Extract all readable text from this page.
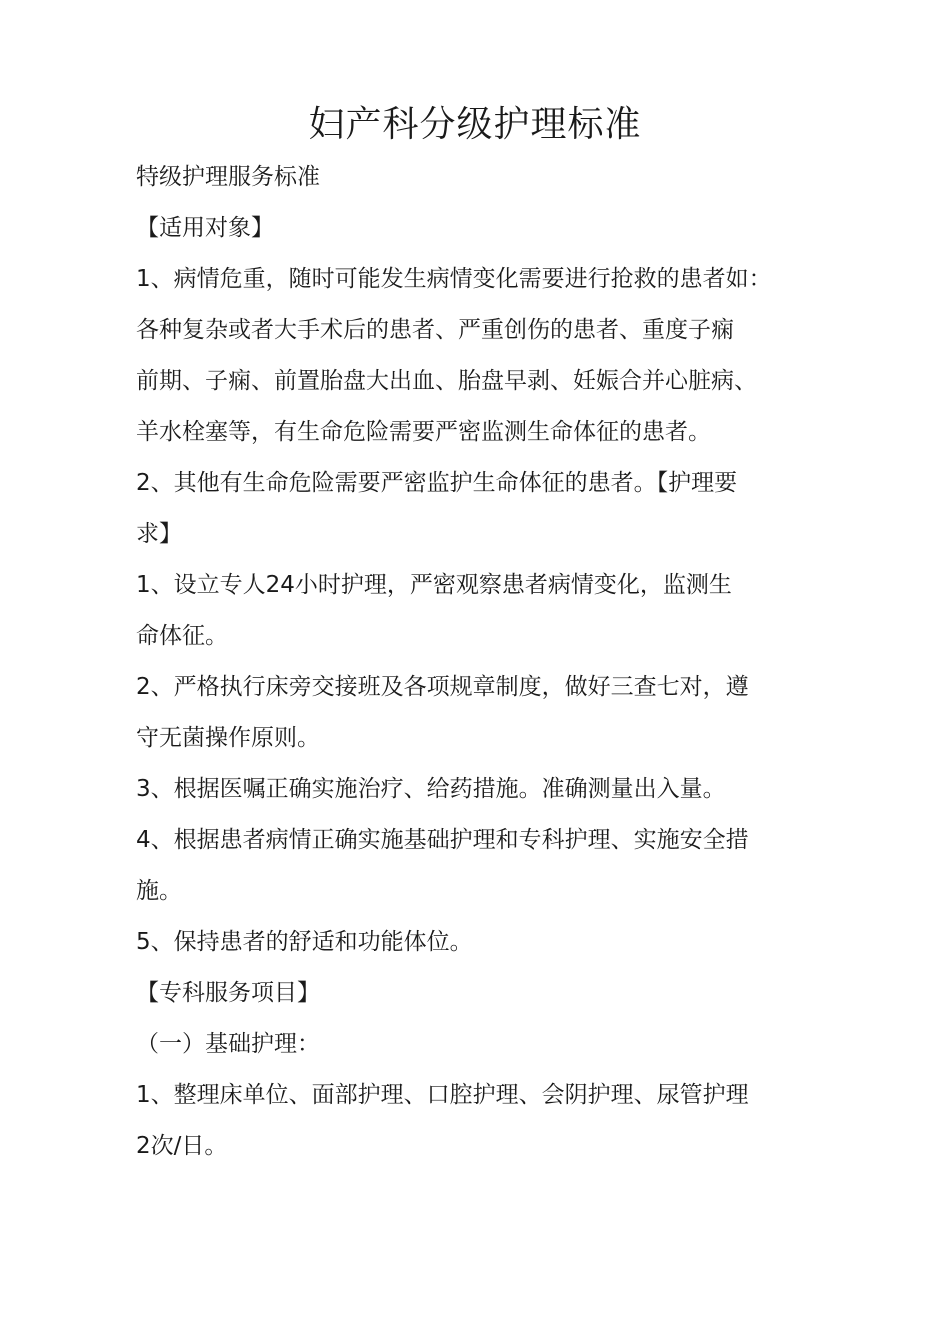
妇产科分级护理标准

特级护理服务标准

【适用对象】

1、病情危重，随时可能发生病情变化需要进行抢救的患者如：

各种复杂或者大手术后的患者、严重创伤的患者、重度子痫

前期、子痫、前置胎盘大出血、胎盘早剥、妊娠合并心脏病、

羊水栓塞等，有生命危险需要严密监测生命体征的患者。

2、其他有生命危险需要严密监护生命体征的患者。【护理要

求】

1、设立专人24小时护理，严密观察患者病情变化，监测生

命体征。

2、严格执行床旁交接班及各项规章制度，做好三查七对，遵

守无菌操作原则。

3、根据医嘱正确实施治疗、给药措施。准确测量出入量。

4、根据患者病情正确实施基础护理和专科护理、实施安全措

施。

5、保持患者的舒适和功能体位。

【专科服务项目】

（一）基础护理：

1、整理床单位、面部护理、口腔护理、会阴护理、尿管护理

2次/日。
